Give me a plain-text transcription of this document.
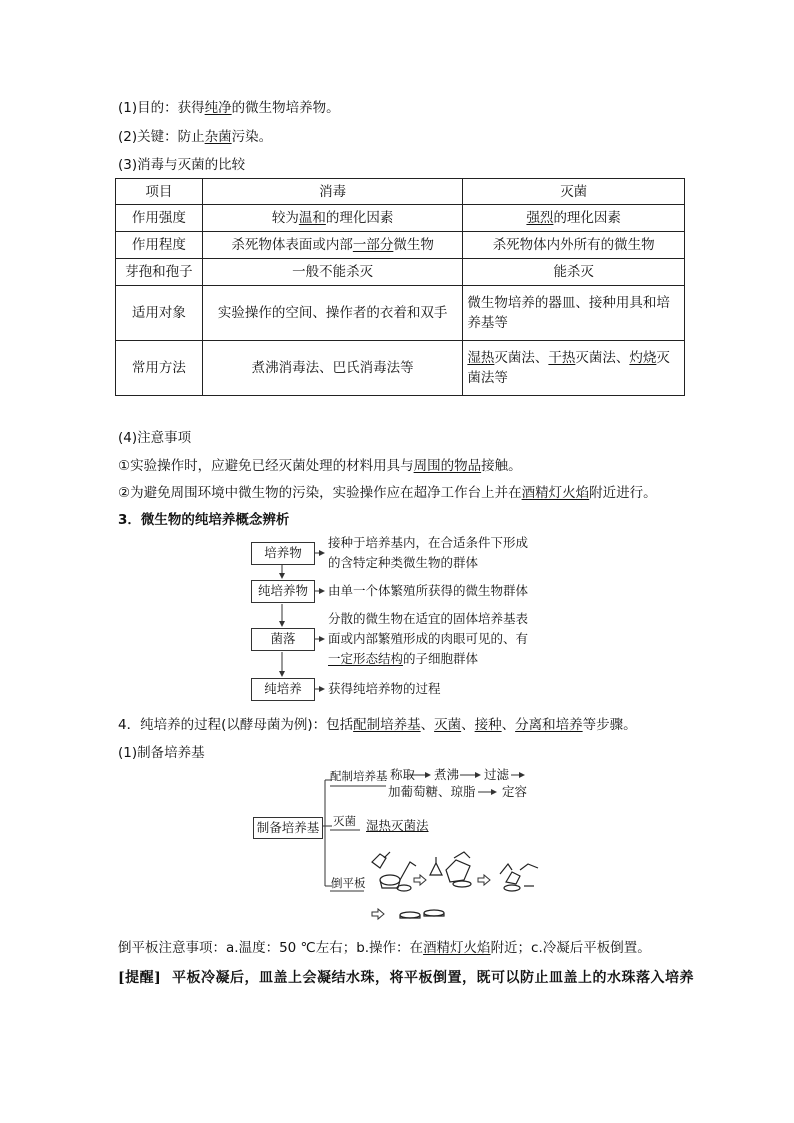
(1)目的：获得纯净的微生物培养物。
(2)关键：防止杂菌污染。
(3)消毒与灭菌的比较
项目	消毒	灭菌
作用强度	较为温和的理化因素	强烈的理化因素
作用程度	杀死物体表面或内部一部分微生物	杀死物体内外所有的微生物
芽孢和孢子	一般不能杀灭	能杀灭
适用对象	实验操作的空间、操作者的衣着和双手	微生物培养的器皿、接种用具和培养基等
常用方法	煮沸消毒法、巴氏消毒法等	湿热灭菌法、干热灭菌法、灼烧灭菌法等
(4)注意事项
①实验操作时，应避免已经灭菌处理的材料用具与周围的物品接触。
②为避免周围环境中微生物的污染，实验操作应在超净工作台上并在酒精灯火焰附近进行。
3．微生物的纯培养概念辨析
培养物
接种于培养基内，在合适条件下形成
的含特定种类微生物的群体
纯培养物	由单一个体繁殖所获得的微生物群体
菌落
分散的微生物在适宜的固体培养基表
面或内部繁殖形成的肉眼可见的、有
一定形态结构的子细胞群体
纯培养	获得纯培养物的过程
4．纯培养的过程(以酵母菌为例)：包括配制培养基、灭菌、接种、分离和培养等步骤。
(1)制备培养基
制备培养基
配制培养基 称取 煮沸 过滤
加葡萄糖、琼脂 定容
灭菌 湿热灭菌法
倒平板
倒平板注意事项：a.温度：50 ℃左右；b.操作：在酒精灯火焰附近；c.冷凝后平板倒置。
[提醒] 平板冷凝后，皿盖上会凝结水珠，将平板倒置，既可以防止皿盖上的水珠落入培养
